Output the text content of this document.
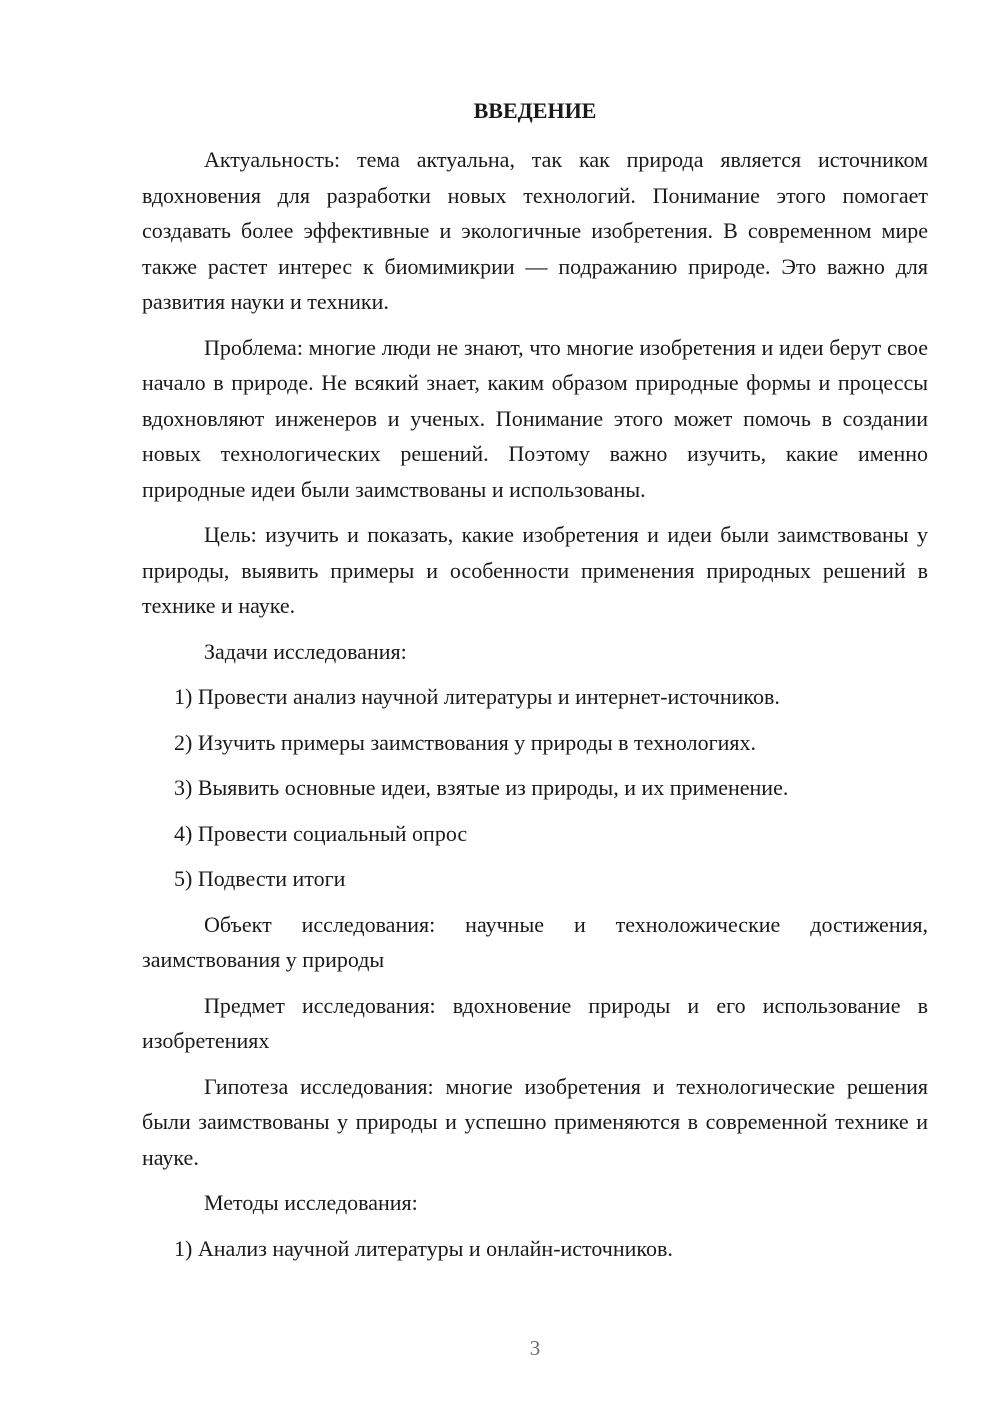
ВВЕДЕНИЕ

Актуальность: тема актуальна, так как природа является источником вдохновения для разработки новых технологий. Понимание этого помогает создавать более эффективные и экологичные изобретения. В современном мире также растет интерес к биомимикрии — подражанию природе. Это важно для развития науки и техники.

Проблема: многие люди не знают, что многие изобретения и идеи берут свое начало в природе. Не всякий знает, каким образом природные формы и процессы вдохновляют инженеров и ученых. Понимание этого может помочь в создании новых технологических решений. Поэтому важно изучить, какие именно природные идеи были заимствованы и использованы.

Цель: изучить и показать, какие изобретения и идеи были заимствованы у природы, выявить примеры и особенности применения природных решений в технике и науке.

Задачи исследования:

1) Провести анализ научной литературы и интернет-источников.

2) Изучить примеры заимствования у природы в технологиях.

3) Выявить основные идеи, взятые из природы, и их применение.

4) Провести социальный опрос

5) Подвести итоги

Объект исследования: научные и технoложические достижения, заимствования у природы

Предмет исследования: вдохновение природы и его использование в изобретениях

Гипотеза исследования: многие изобретения и технологические решения были заимствованы у природы и успешно применяются в современной технике и науке.

Методы исследования:

1) Анализ научной литературы и онлайн-источников.

3
